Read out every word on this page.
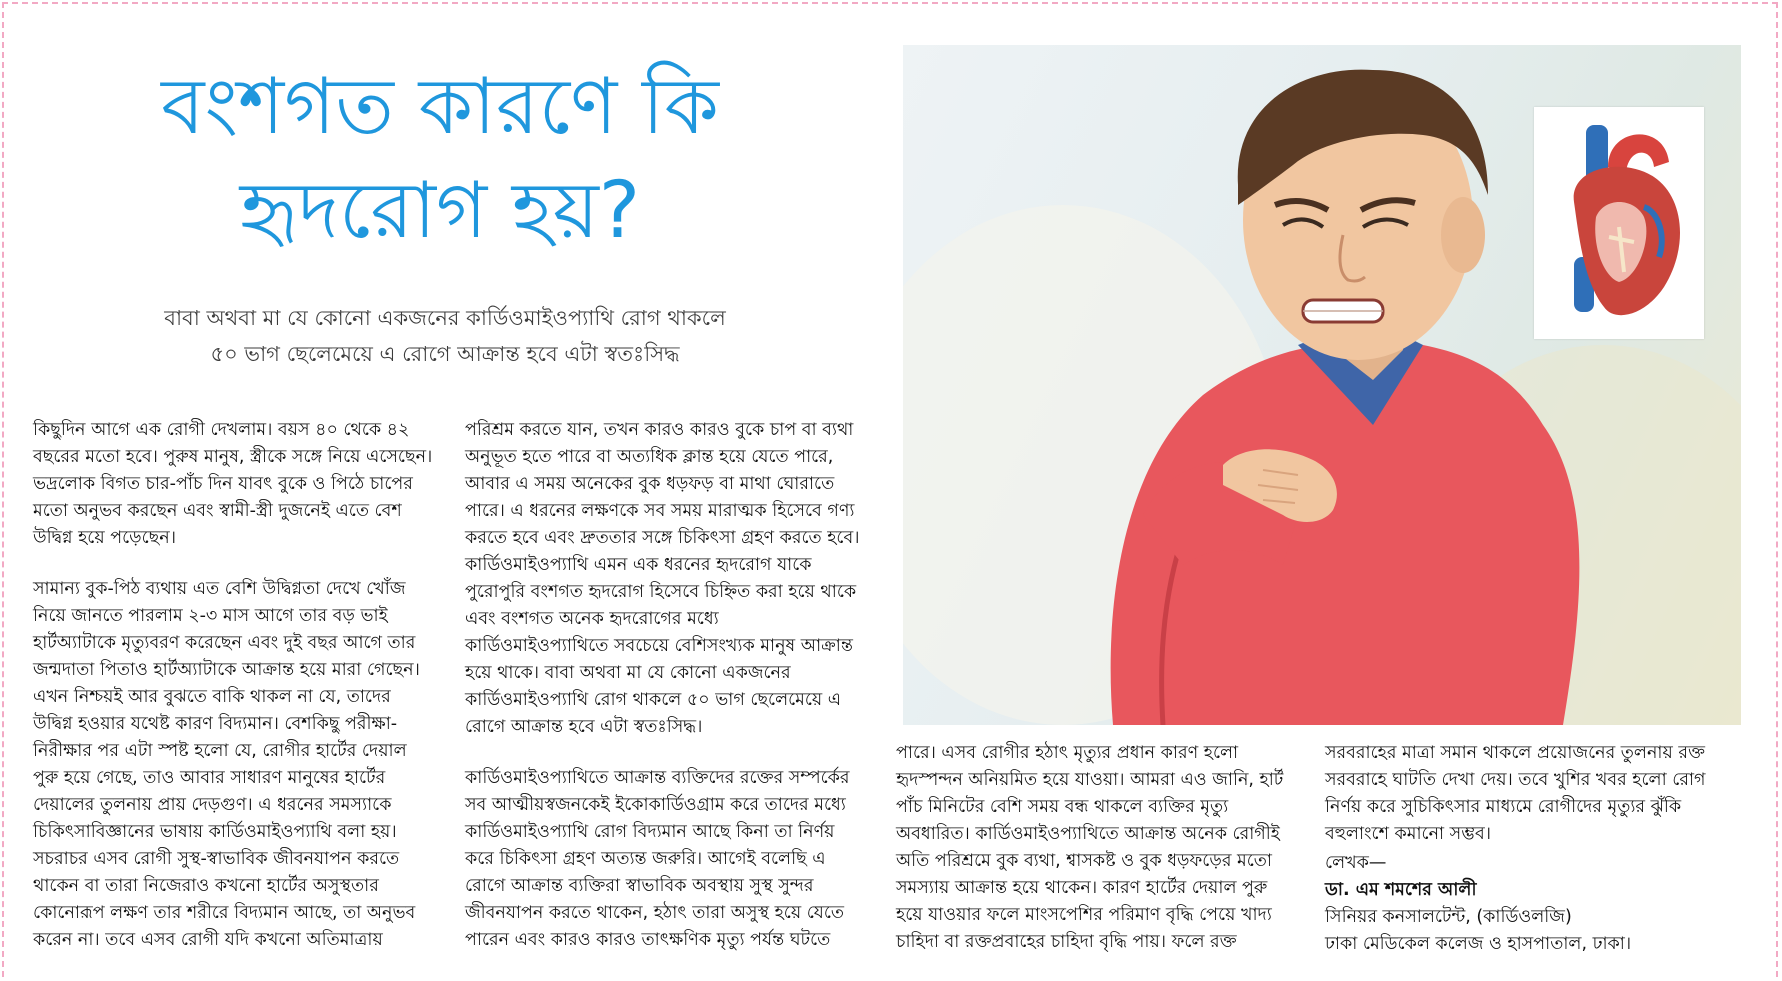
বংশগত কারণে কি
হৃদরোগ হয়?
বাবা অথবা মা যে কোনো একজনের কার্ডিওমাইওপ্যাথি রোগ থাকলে
৫০ ভাগ ছেলেমেয়ে এ রোগে আক্রান্ত হবে এটা স্বতঃসিদ্ধ

কিছুদিন আগে এক রোগী দেখলাম। বয়স ৪০ থেকে ৪২ বছরের মতো হবে। পুরুষ মানুষ, স্ত্রীকে সঙ্গে নিয়ে এসেছেন। ভদ্রলোক বিগত চার-পাঁচ দিন যাবৎ বুকে ও পিঠে চাপের মতো অনুভব করছেন এবং স্বামী-স্ত্রী দুজনেই এতে বেশ উদ্বিগ্ন হয়ে পড়েছেন।

সামান্য বুক-পিঠ ব্যথায় এত বেশি উদ্বিগ্নতা দেখে খোঁজ নিয়ে জানতে পারলাম ২-৩ মাস আগে তার বড় ভাই হার্টঅ্যাটাকে মৃত্যুবরণ করেছেন এবং দুই বছর আগে তার জন্মদাতা পিতাও হার্টঅ্যাটাকে আক্রান্ত হয়ে মারা গেছেন। এখন নিশ্চয়ই আর বুঝতে বাকি থাকল না যে, তাদের উদ্বিগ্ন হওয়ার যথেষ্ট কারণ বিদ্যমান। বেশকিছু পরীক্ষা-নিরীক্ষার পর এটা স্পষ্ট হলো যে, রোগীর হার্টের দেয়াল পুরু হয়ে গেছে, তাও আবার সাধারণ মানুষের হার্টের দেয়ালের তুলনায় প্রায় দেড়গুণ। এ ধরনের সমস্যাকে চিকিৎসাবিজ্ঞানের ভাষায় কার্ডিওমাইওপ্যাথি বলা হয়। সচরাচর এসব রোগী সুস্থ-স্বাভাবিক জীবনযাপন করতে থাকেন বা তারা নিজেরাও কখনো হার্টের অসুস্থতার কোনোরূপ লক্ষণ তার শরীরে বিদ্যমান আছে, তা অনুভব করেন না। তবে এসব রোগী যদি কখনো অতিমাত্রায়

পরিশ্রম করতে যান, তখন কারও কারও বুকে চাপ বা ব্যথা অনুভূত হতে পারে বা অত্যধিক ক্লান্ত হয়ে যেতে পারে, আবার এ সময় অনেকের বুক ধড়ফড় বা মাথা ঘোরাতে পারে। এ ধরনের লক্ষণকে সব সময় মারাত্মক হিসেবে গণ্য করতে হবে এবং দ্রুততার সঙ্গে চিকিৎসা গ্রহণ করতে হবে। কার্ডিওমাইওপ্যাথি এমন এক ধরনের হৃদরোগ যাকে পুরোপুরি বংশগত হৃদরোগ হিসেবে চিহ্নিত করা হয়ে থাকে এবং বংশগত অনেক হৃদরোগের মধ্যে কার্ডিওমাইওপ্যাথিতে সবচেয়ে বেশিসংখ্যক মানুষ আক্রান্ত হয়ে থাকে। বাবা অথবা মা যে কোনো একজনের কার্ডিওমাইওপ্যাথি রোগ থাকলে ৫০ ভাগ ছেলেমেয়ে এ রোগে আক্রান্ত হবে এটা স্বতঃসিদ্ধ।

কার্ডিওমাইওপ্যাথিতে আক্রান্ত ব্যক্তিদের রক্তের সম্পর্কের সব আত্মীয়স্বজনকেই ইকোকার্ডিওগ্রাম করে তাদের মধ্যে কার্ডিওমাইওপ্যাথি রোগ বিদ্যমান আছে কিনা তা নির্ণয় করে চিকিৎসা গ্রহণ অত্যন্ত জরুরি। আগেই বলেছি এ রোগে আক্রান্ত ব্যক্তিরা স্বাভাবিক অবস্থায় সুস্থ সুন্দর জীবনযাপন করতে থাকেন, হঠাৎ তারা অসুস্থ হয়ে যেতে পারেন এবং কারও কারও তাৎক্ষণিক মৃত্যু পর্যন্ত ঘটতে

পারে। এসব রোগীর হঠাৎ মৃত্যুর প্রধান কারণ হলো হৃদস্পন্দন অনিয়মিত হয়ে যাওয়া। আমরা এও জানি, হার্ট পাঁচ মিনিটের বেশি সময় বন্ধ থাকলে ব্যক্তির মৃত্যু অবধারিত। কার্ডিওমাইওপ্যাথিতে আক্রান্ত অনেক রোগীই অতি পরিশ্রমে বুক ব্যথা, শ্বাসকষ্ট ও বুক ধড়ফড়ের মতো সমস্যায় আক্রান্ত হয়ে থাকেন। কারণ হার্টের দেয়াল পুরু হয়ে যাওয়ার ফলে মাংসপেশির পরিমাণ বৃদ্ধি পেয়ে খাদ্য চাহিদা বা রক্তপ্রবাহের চাহিদা বৃদ্ধি পায়। ফলে রক্ত

সরবরাহের মাত্রা সমান থাকলে প্রয়োজনের তুলনায় রক্ত সরবরাহে ঘাটতি দেখা দেয়। তবে খুশির খবর হলো রোগ নির্ণয় করে সুচিকিৎসার মাধ্যমে রোগীদের মৃত্যুর ঝুঁকি বহুলাংশে কমানো সম্ভব।

লেখক—
ডা. এম শমশের আলী
সিনিয়র কনসালটেন্ট, (কার্ডিওলজি)
ঢাকা মেডিকেল কলেজ ও হাসপাতাল, ঢাকা।
